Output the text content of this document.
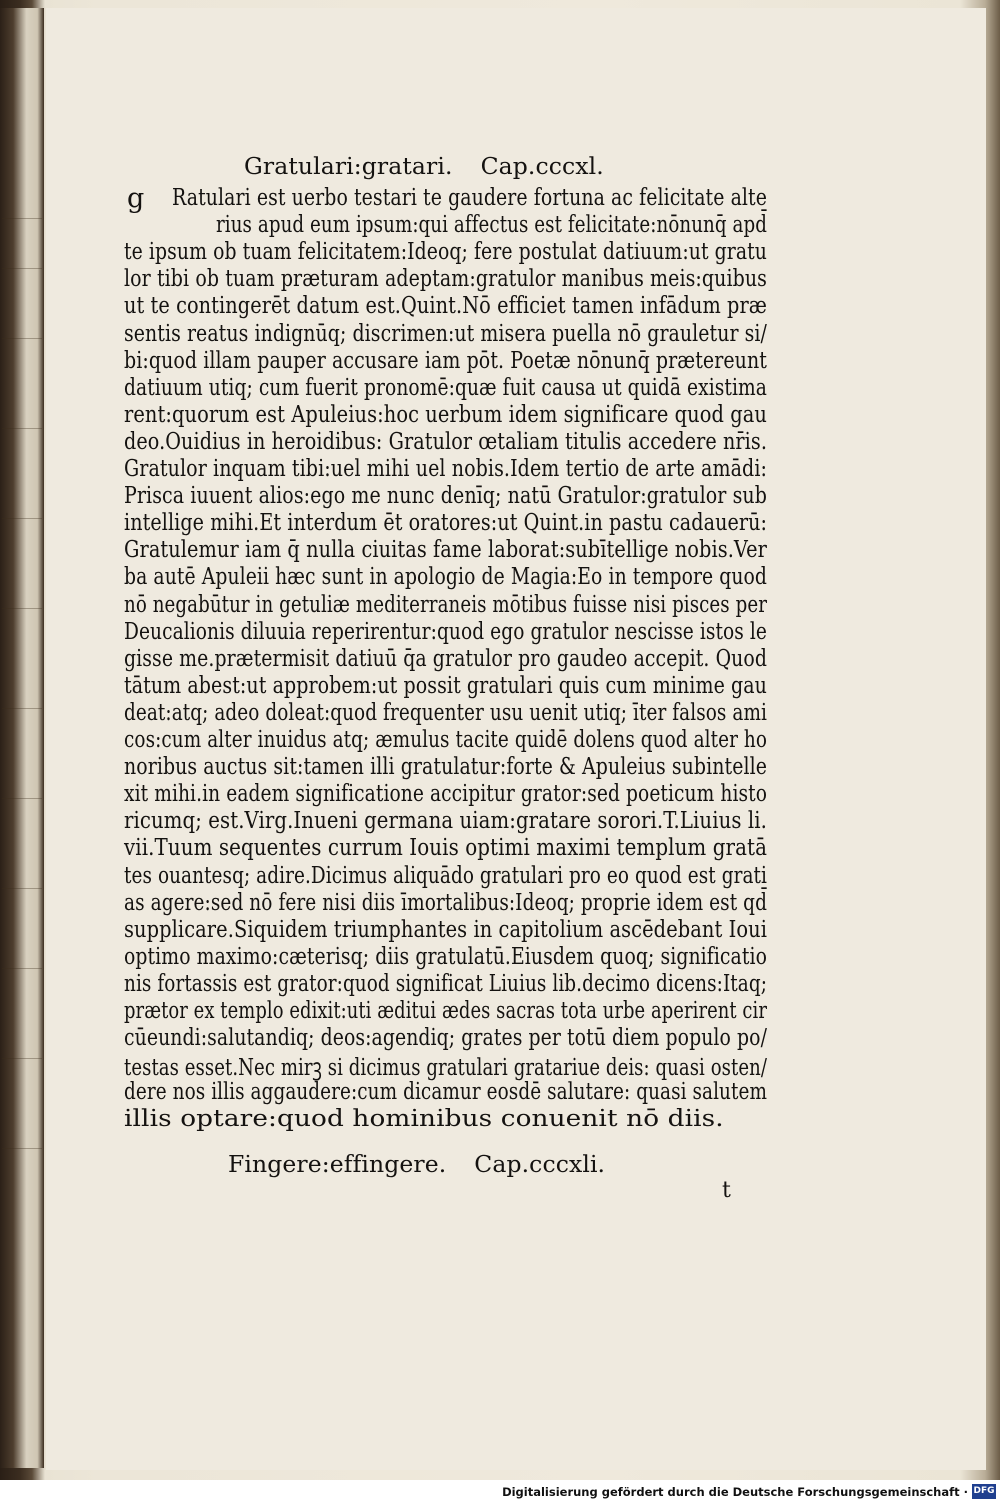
Gratulari:gratari. Cap.cccxl.
g Ratulari est uerbo testari te gaudere fortuna ac felicitate alte
rius apud eum ipsum:qui affectus est felicitate:nōnunq̄ apd̄
te ipsum ob tuam felicitatem:Ideoq; fere postulat datiuum:ut gratu
lor tibi ob tuam præturam adeptam:gratulor manibus meis:quibus
ut te contingerēt datum est.Quint.Nō efficiet tamen infādum præ
sentis reatus indignūq; discrimen:ut misera puella nō grauletur si/
bi:quod illam pauper accusare iam pōt. Poetæ nōnunq̄ prætereunt
datiuum utiq; cum fuerit pronomē:quæ fuit causa ut quidā existima
rent:quorum est Apuleius:hoc uerbum idem significare quod gau
deo.Ouidius in heroidibus: Gratulor œtaliam titulis accedere nr̄is.
Gratulor inquam tibi:uel mihi uel nobis.Idem tertio de arte amādi:
Prisca iuuent alios:ego me nunc denīq; natū Gratulor:gratulor sub
intellige mihi.Et interdum ēt oratores:ut Quint.in pastu cadauerū:
Gratulemur iam q̄ nulla ciuitas fame laborat:subītellige nobis.Ver
ba autē Apuleii hæc sunt in apologio de Magia:Eo in tempore quod
nō negabūtur in getuliæ mediterraneis mōtibus fuisse nisi pisces per
Deucalionis diluuia reperirentur:quod ego gratulor nescisse istos le
gisse me.prætermisit datiuū q̄a gratulor pro gaudeo accepit. Quod
tātum abest:ut approbem:ut possit gratulari quis cum minime gau
deat:atq; adeo doleat:quod frequenter usu uenit utiq; īter falsos ami
cos:cum alter inuidus atq; æmulus tacite quidē dolens quod alter ho
noribus auctus sit:tamen illi gratulatur:forte & Apuleius subintelle
xit mihi.in eadem significatione accipitur grator:sed poeticum histo
ricumq; est.Virg.Inueni germana uiam:gratare sorori.T.Liuius li.
vii.Tuum sequentes currum Iouis optimi maximi templum gratā
tes ouantesq; adire.Dicimus aliquādo gratulari pro eo quod est grati
as agere:sed nō fere nisi diis īmortalibus:Ideoq; proprie idem est qd̄
supplicare.Siquidem triumphantes in capitolium ascēdebant Ioui
optimo maximo:cæterisq; diis gratulatū.Eiusdem quoq; significatio
nis fortassis est grator:quod significat Liuius lib.decimo dicens:Itaq;
prætor ex templo edixit:uti æditui ædes sacras tota urbe aperirent cir
cūeundi:salutandiq; deos:agendiq; grates per totū diem populo po/
testas esset.Nec mirꝫ si dicimus gratulari gratariue deis: quasi osten/
dere nos illis aggaudere:cum dicamur eosdē salutare: quasi salutem
illis optare:quod hominibus conuenit nō diis.
Fingere:effingere. Cap.cccxli.
t
Digitalisierung gefördert durch die Deutsche Forschungsgemeinschaft · DFG
